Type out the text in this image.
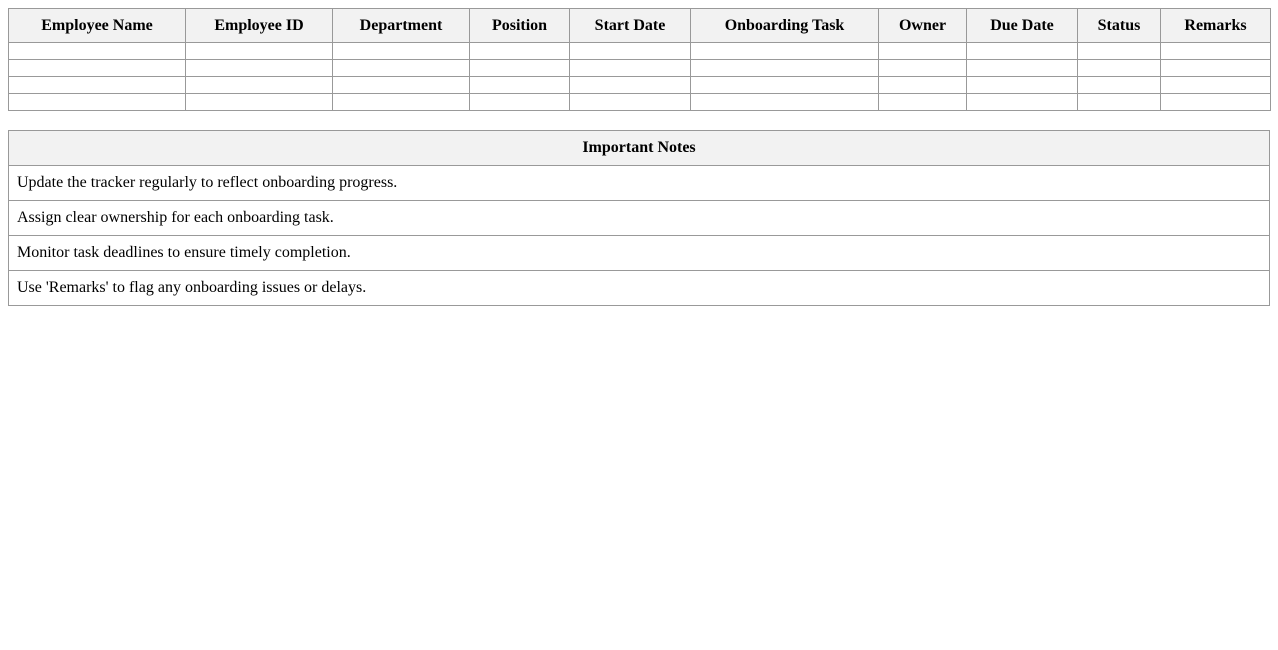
Employee Name	Employee ID	Department	Position	Start Date	Onboarding Task	Owner	Due Date	Status	Remarks

Important Notes
Update the tracker regularly to reflect onboarding progress.
Assign clear ownership for each onboarding task.
Monitor task deadlines to ensure timely completion.
Use 'Remarks' to flag any onboarding issues or delays.
